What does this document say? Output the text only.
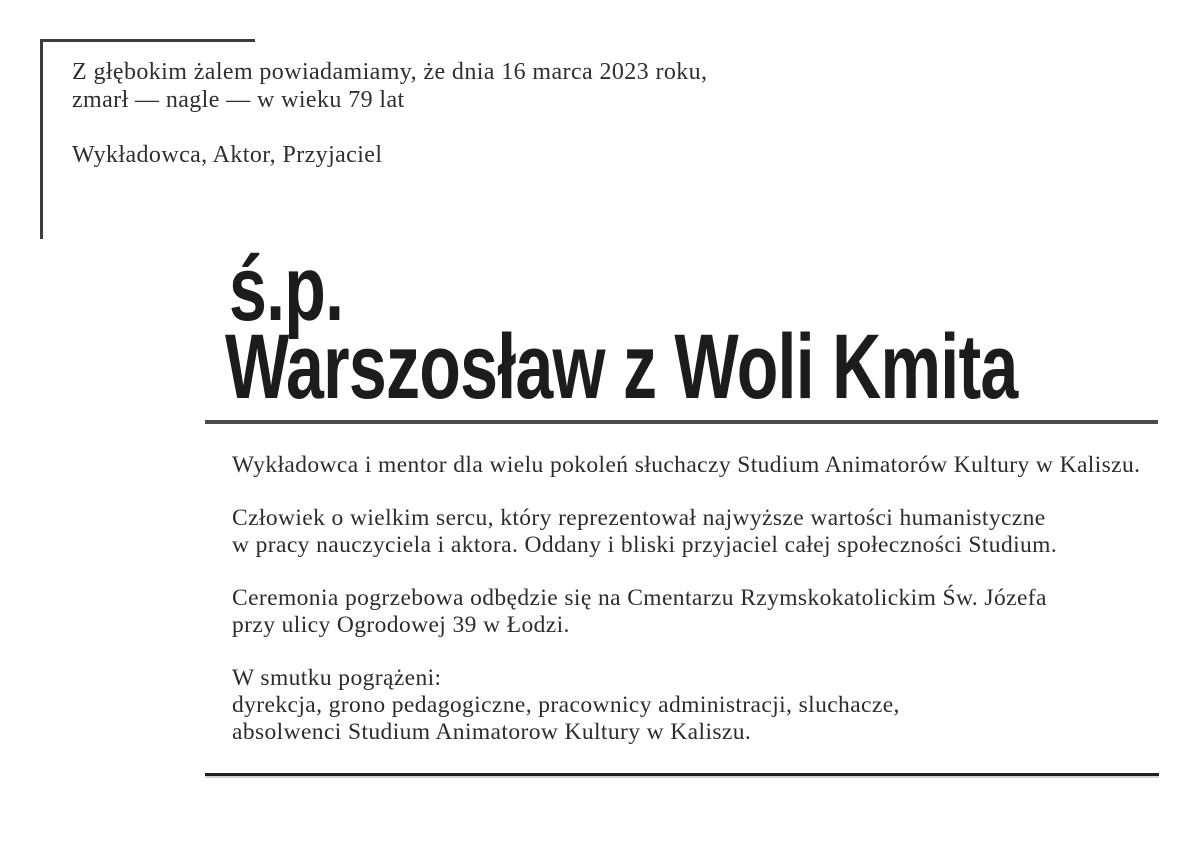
Z głębokim żalem powiadamiamy, że dnia 16 marca 2023 roku,
zmarł — nagle — w wieku 79 lat
Wykładowca, Aktor, Przyjaciel
ś.p.
Warszosław z Woli Kmita

Wykładowca i mentor dla wielu pokoleń słuchaczy Studium Animatorów Kultury w Kaliszu.

Człowiek o wielkim sercu, który reprezentował najwyższe wartości humanistyczne
w pracy nauczyciela i aktora. Oddany i bliski przyjaciel całej społeczności Studium.

Ceremonia pogrzebowa odbędzie się na Cmentarzu Rzymskokatolickim Św. Józefa
przy ulicy Ogrodowej 39 w Łodzi.

W smutku pogrążeni:
dyrekcja, grono pedagogiczne, pracownicy administracji, sluchacze,
absolwenci Studium Animatorow Kultury w Kaliszu.
